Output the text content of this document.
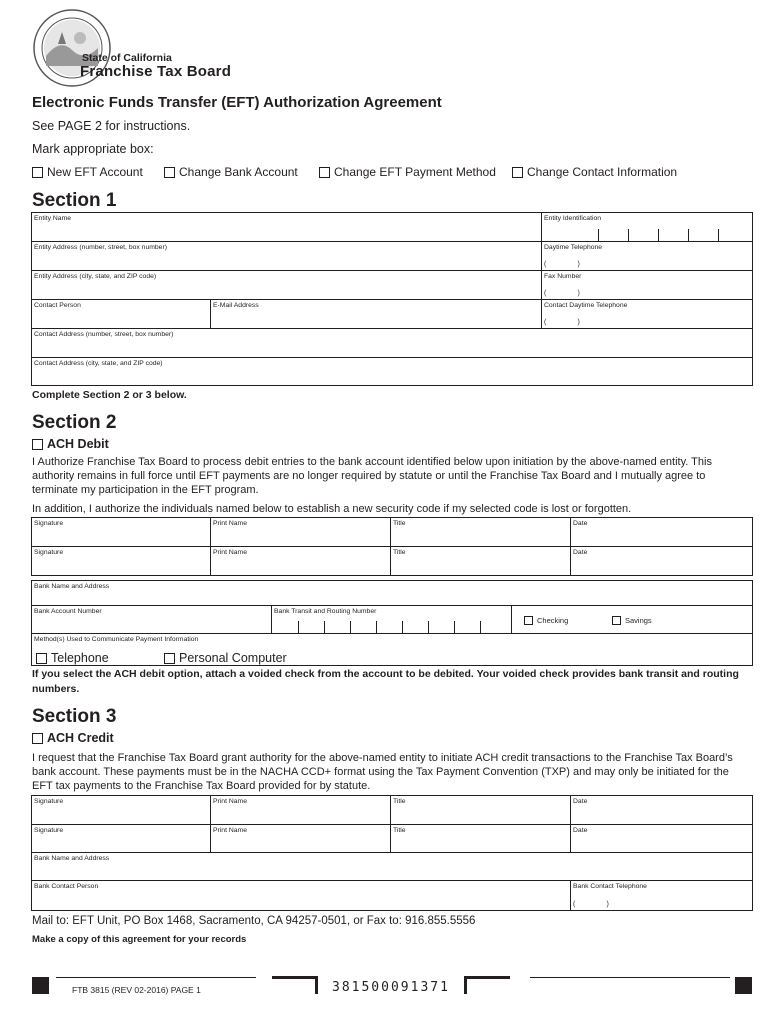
State of California
Franchise Tax Board
Electronic Funds Transfer (EFT) Authorization Agreement
See PAGE 2 for instructions.
Mark appropriate box:
New EFT Account	Change Bank Account	Change EFT Payment Method	Change Contact Information
Section 1
Entity Name	Entity Identification
Entity Address (number, street, box number)	Daytime Telephone
(                )
Entity Address (city, state, and ZIP code)	Fax Number
(                )
Contact Person	E-Mail Address	Contact Daytime Telephone
(                )
Contact Address (number, street, box number)
Contact Address (city, state, and ZIP code)
Complete Section 2 or 3 below.
Section 2
ACH Debit
I Authorize Franchise Tax Board to process debit entries to the bank account identified below upon initiation by the above-named entity. This authority remains in full force until EFT payments are no longer required by statute or until the Franchise Tax Board and I mutually agree to terminate my participation in the EFT program.
In addition, I authorize the individuals named below to establish a new security code if my selected code is lost or forgotten.
Signature	Print Name	Title	Date
Signature	Print Name	Title	Date
Bank Name and Address
Bank Account Number	Bank Transit and Routing Number
Checking	Savings
Method(s) Used to Communicate Payment Information
Telephone	Personal Computer
If you select the ACH debit option, attach a voided check from the account to be debited. Your voided check provides bank transit and routing numbers.
Section 3
ACH Credit
I request that the Franchise Tax Board grant authority for the above-named entity to initiate ACH credit transactions to the Franchise Tax Board’s bank account. These payments must be in the NACHA CCD+ format using the Tax Payment Convention (TXP) and may only be initiated for the EFT tax payments to the Franchise Tax Board provided for by statute.
Signature	Print Name	Title	Date
Signature	Print Name	Title	Date
Bank Name and Address
Bank Contact Person	Bank Contact Telephone
(                )
Mail to: EFT Unit, PO Box 1468, Sacramento, CA 94257-0501, or Fax to: 916.855.5556
Make a copy of this agreement for your records
FTB 3815 (REV 02-2016) PAGE 1	381500091371
